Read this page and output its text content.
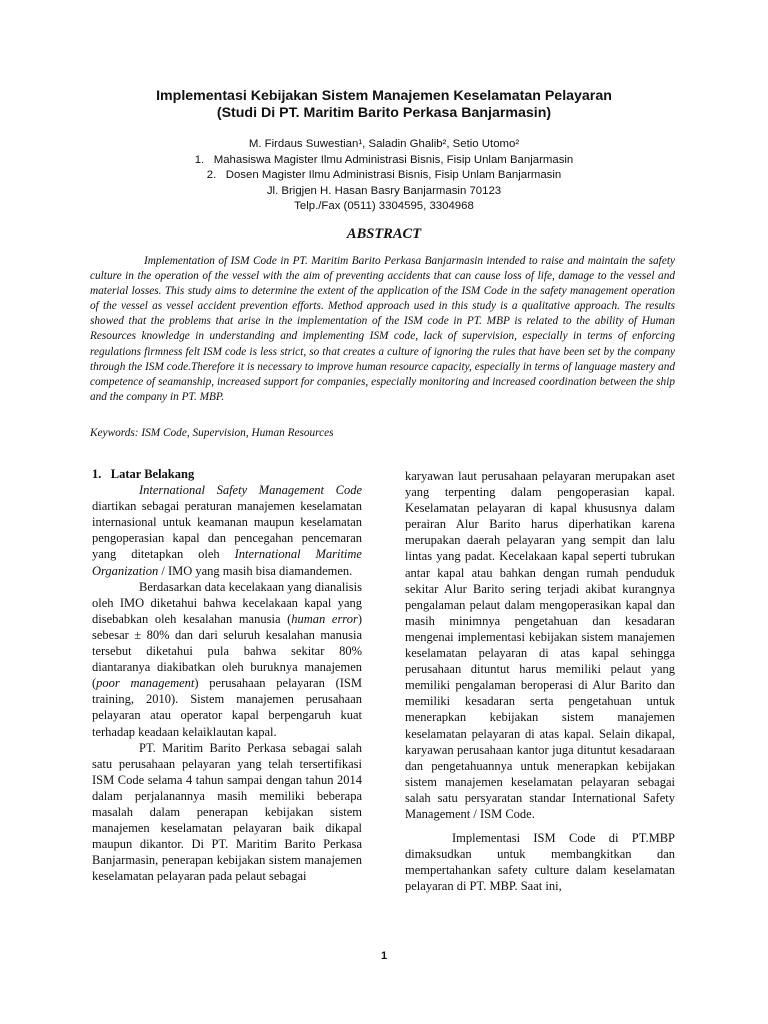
Implementasi Kebijakan Sistem Manajemen Keselamatan Pelayaran
(Studi Di PT. Maritim Barito Perkasa Banjarmasin)
M. Firdaus Suwestian¹, Saladin Ghalib², Setio Utomo²
1.   Mahasiswa Magister Ilmu Administrasi Bisnis, Fisip Unlam Banjarmasin
2.   Dosen Magister Ilmu Administrasi Bisnis, Fisip Unlam Banjarmasin
Jl. Brigjen H. Hasan Basry Banjarmasin 70123
Telp./Fax (0511) 3304595, 3304968
ABSTRACT

Implementation of ISM Code in PT. Maritim Barito Perkasa Banjarmasin intended to raise and maintain the safety culture in the operation of the vessel with the aim of preventing accidents that can cause loss of life, damage to the vessel and material losses. This study aims to determine the extent of the application of the ISM Code in the safety management operation of the vessel as vessel accident prevention efforts. Method approach used in this study is a qualitative approach. The results showed that the problems that arise in the implementation of the ISM code in PT. MBP is related to the ability of Human Resources knowledge in understanding and implementing ISM code, lack of supervision, especially in terms of enforcing regulations firmness felt ISM code is less strict, so that creates a culture of ignoring the rules that have been set by the company through the ISM code.Therefore it is necessary to improve human resource capacity, especially in terms of language mastery and competence of seamanship, increased support for companies, especially monitoring and increased coordination between the ship and the company in PT. MBP.

Keywords: ISM Code, Supervision, Human Resources

1.   Latar Belakang

International Safety Management Code diartikan sebagai peraturan manajemen keselamatan internasional untuk keamanan maupun keselamatan pengoperasian kapal dan pencegahan pencemaran yang ditetapkan oleh International Maritime Organization / IMO yang masih bisa diamandemen.

Berdasarkan data kecelakaan yang dianalisis oleh IMO diketahui bahwa kecelakaan kapal yang disebabkan oleh kesalahan manusia (human error) sebesar ± 80% dan dari seluruh kesalahan manusia tersebut diketahui pula bahwa sekitar 80% diantaranya diakibatkan oleh buruknya manajemen (poor management) perusahaan pelayaran (ISM training, 2010). Sistem manajemen perusahaan pelayaran atau operator kapal berpengaruh kuat terhadap keadaan kelaiklautan kapal.

PT. Maritim Barito Perkasa sebagai salah satu perusahaan pelayaran yang telah tersertifikasi ISM Code selama 4 tahun sampai dengan tahun 2014 dalam perjalanannya masih memiliki beberapa masalah dalam penerapan kebijakan sistem manajemen keselamatan pelayaran baik dikapal maupun dikantor. Di PT. Maritim Barito Perkasa Banjarmasin, penerapan kebijakan sistem manajemen keselamatan pelayaran pada pelaut sebagai

karyawan laut perusahaan pelayaran merupakan aset yang terpenting dalam pengoperasian kapal. Keselamatan pelayaran di kapal khususnya dalam perairan Alur Barito harus diperhatikan karena merupakan daerah pelayaran yang sempit dan lalu lintas yang padat. Kecelakaan kapal seperti tubrukan antar kapal atau bahkan dengan rumah penduduk sekitar Alur Barito sering terjadi akibat kurangnya pengalaman pelaut dalam mengoperasikan kapal dan masih minimnya pengetahuan dan kesadaran mengenai implementasi kebijakan sistem manajemen keselamatan pelayaran di atas kapal sehingga perusahaan dituntut harus memiliki pelaut yang memiliki pengalaman beroperasi di Alur Barito dan memiliki kesadaran serta pengetahuan untuk menerapkan kebijakan sistem manajemen keselamatan pelayaran di atas kapal. Selain dikapal, karyawan perusahaan kantor juga dituntut kesadaraan dan pengetahuannya untuk menerapkan kebijakan sistem manajemen keselamatan pelayaran sebagai salah satu persyaratan standar International Safety Management / ISM Code.

Implementasi ISM Code di PT.MBP dimaksudkan untuk membangkitkan dan mempertahankan safety culture dalam keselamatan pelayaran di PT. MBP. Saat ini,

1
